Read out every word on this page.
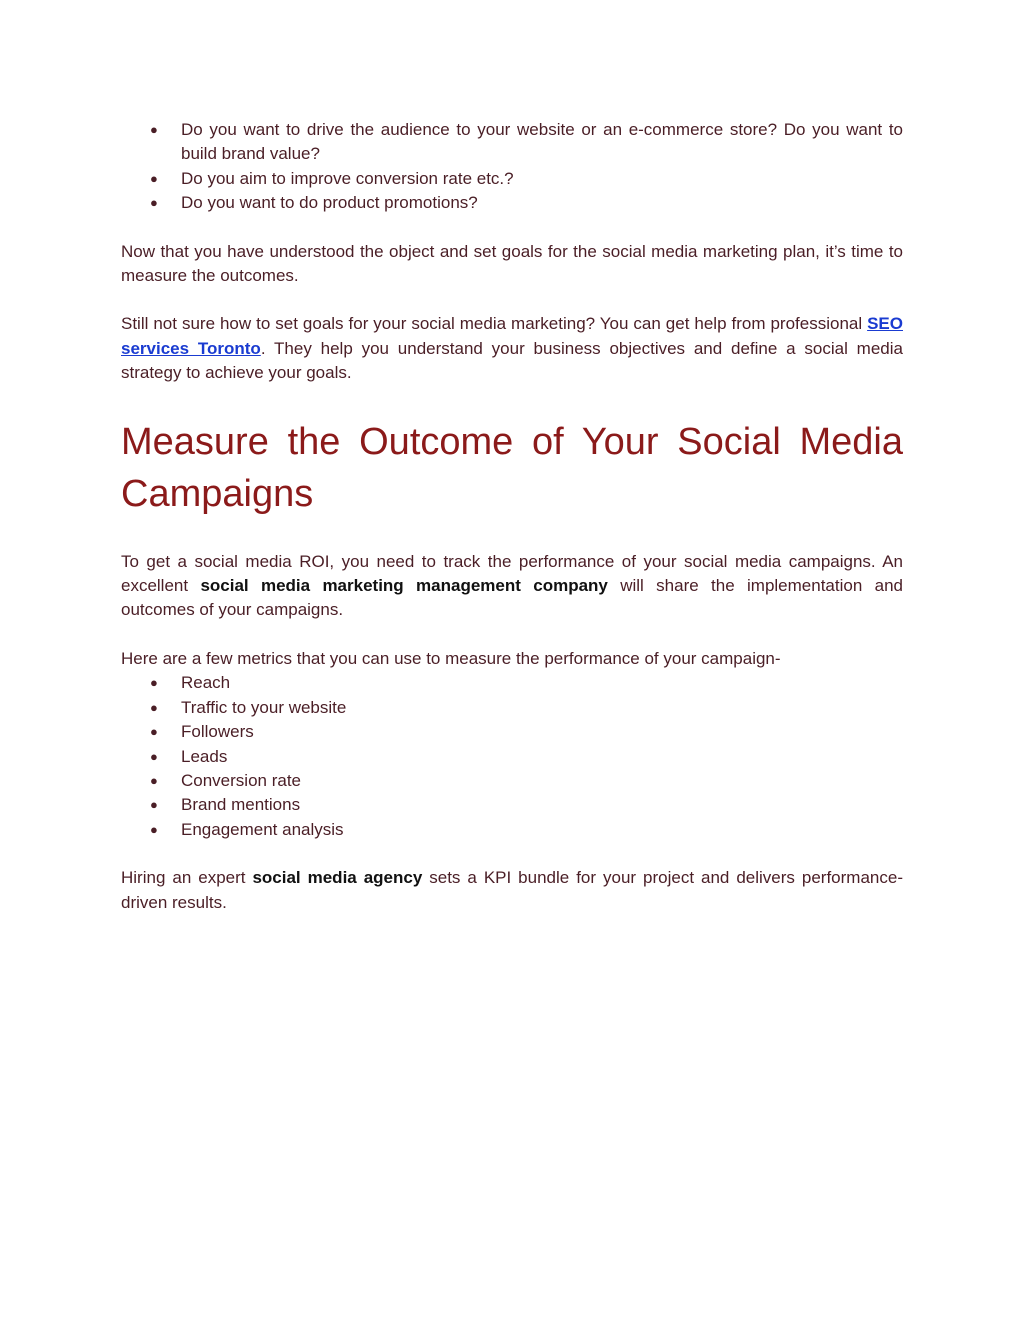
● Do you want to drive the audience to your website or an e-commerce store? Do you want to build brand value?
● Do you aim to improve conversion rate etc.?
● Do you want to do product promotions?

Now that you have understood the object and set goals for the social media marketing plan, it’s time to measure the outcomes.

Still not sure how to set goals for your social media marketing? You can get help from professional SEO services Toronto. They help you understand your business objectives and define a social media strategy to achieve your goals.

Measure the Outcome of Your Social Media Campaigns

To get a social media ROI, you need to track the performance of your social media campaigns. An excellent social media marketing management company will share the implementation and outcomes of your campaigns.

Here are a few metrics that you can use to measure the performance of your campaign-

● Reach
● Traffic to your website
● Followers
● Leads
● Conversion rate
● Brand mentions
● Engagement analysis

Hiring an expert social media agency sets a KPI bundle for your project and delivers performance-driven results.
